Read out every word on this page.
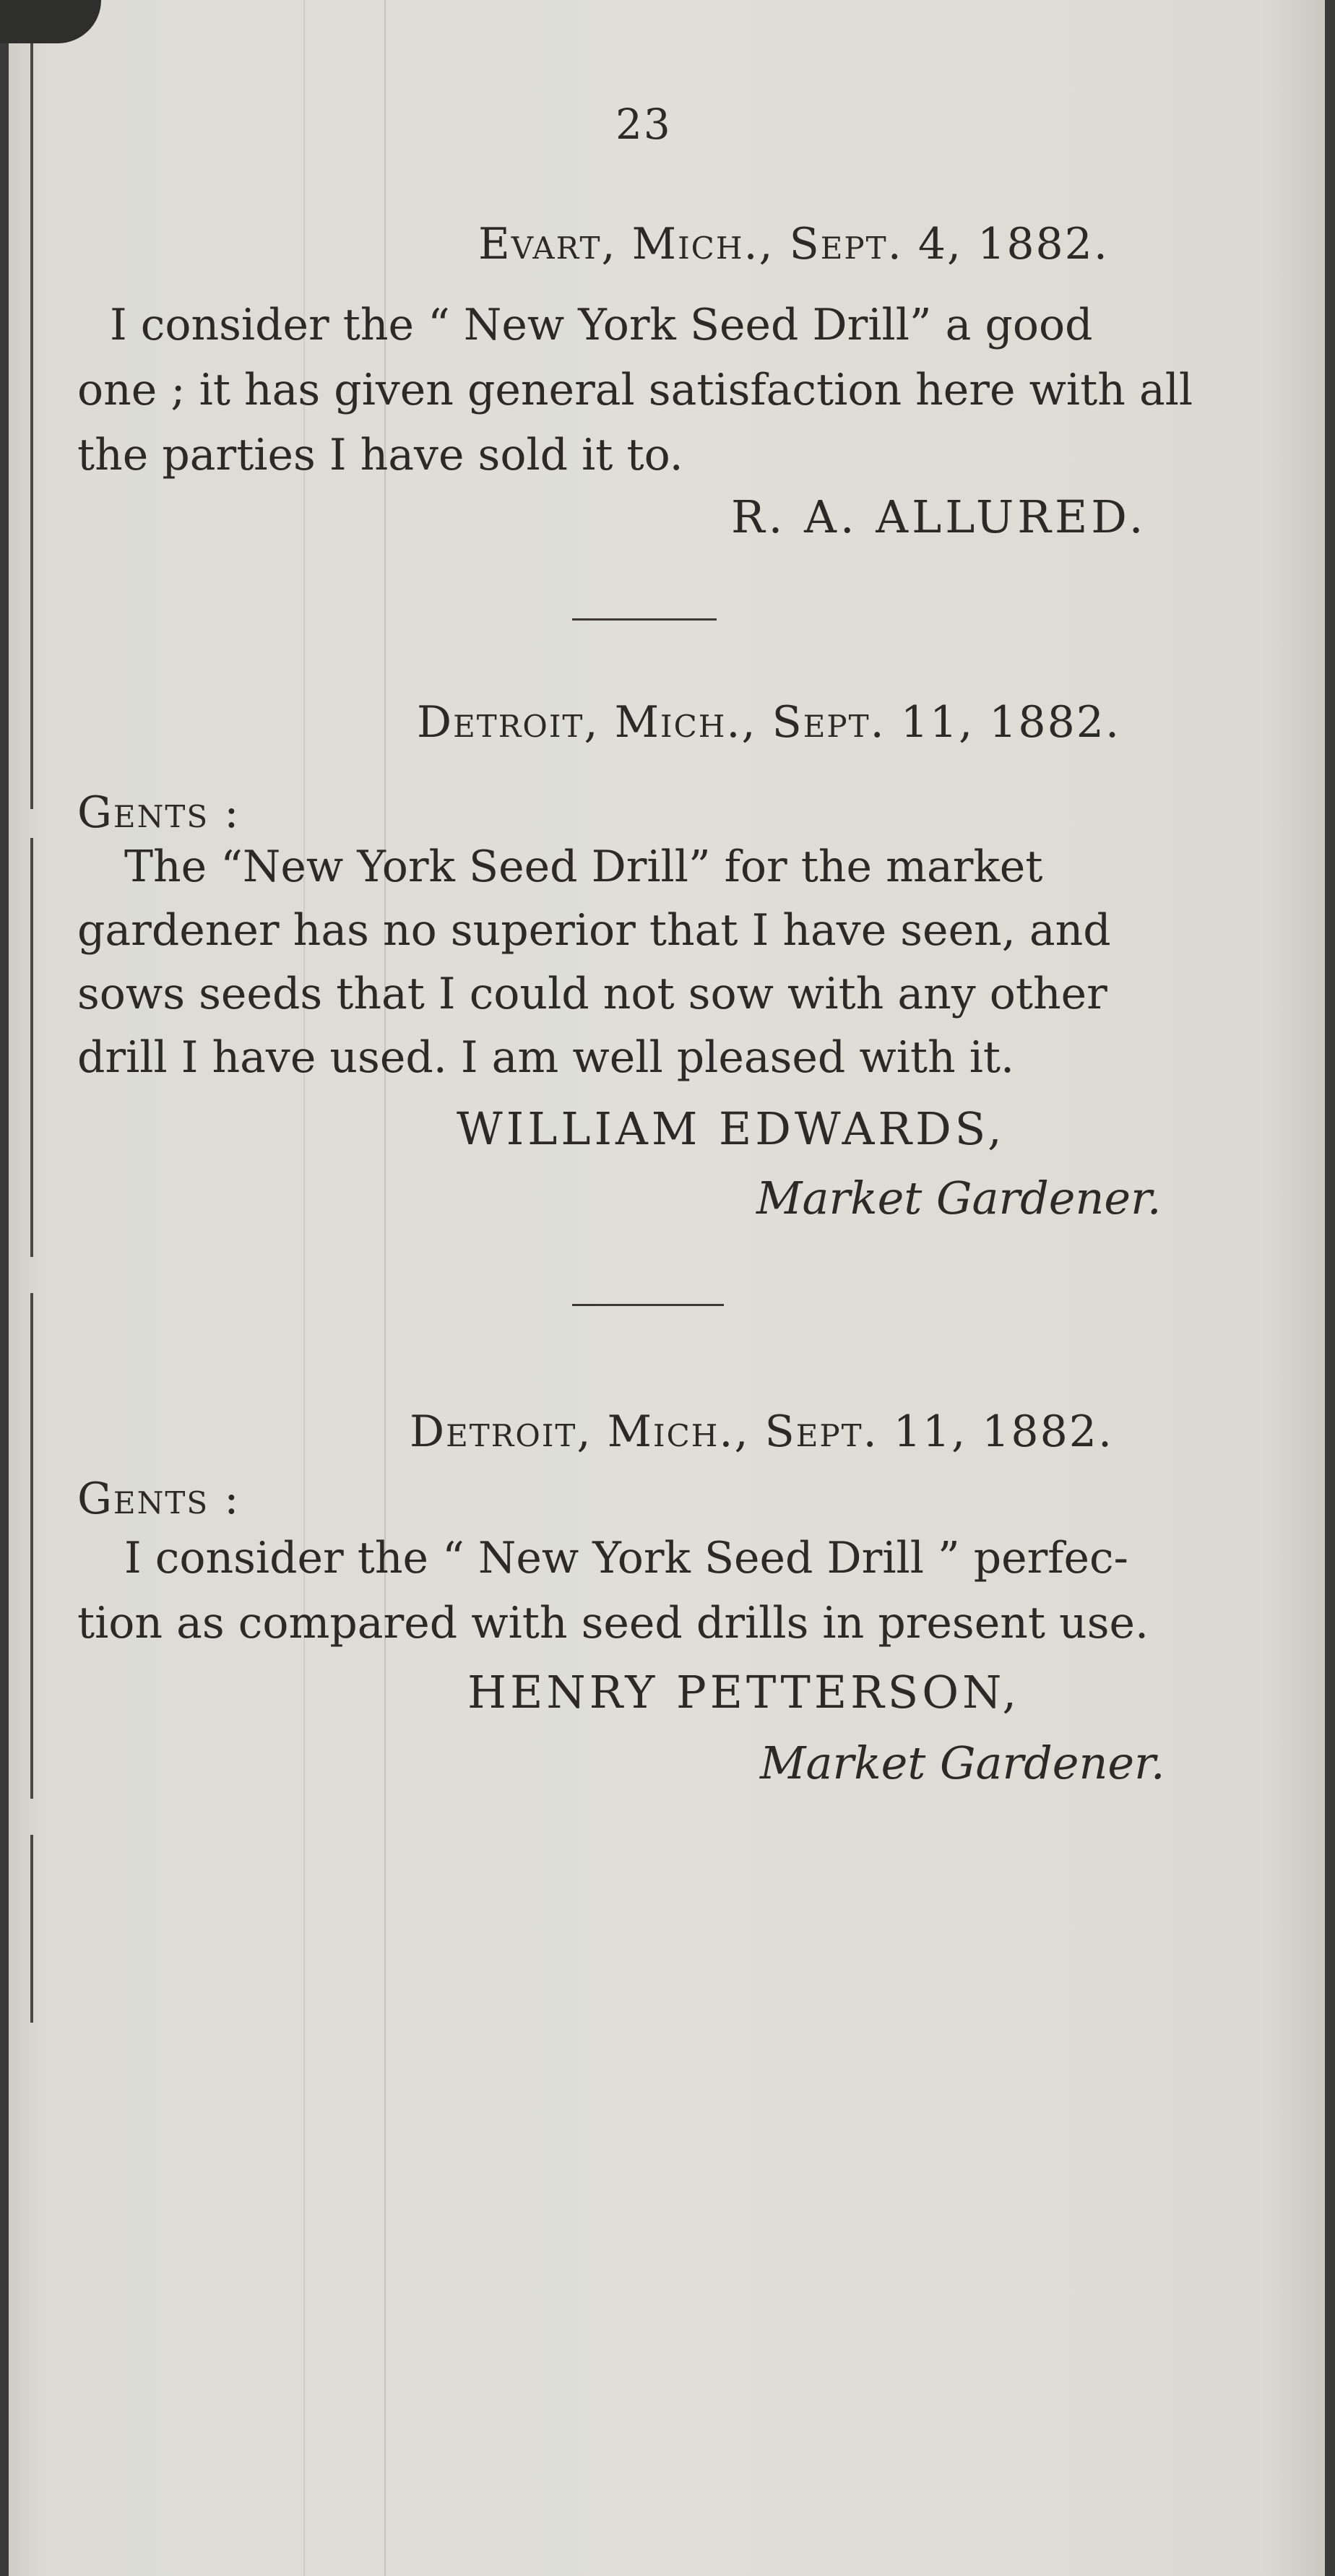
23
Evart, Mich., Sept. 4, 1882.
I consider the “ New York Seed Drill” a good
one ; it has given general satisfaction here with all
the parties I have sold it to.
R. A. ALLURED.
Detroit, Mich., Sept. 11, 1882.
Gents :
The “New York Seed Drill” for the market
gardener has no superior that I have seen, and
sows seeds that I could not sow with any other
drill I have used. I am well pleased with it.
WILLIAM EDWARDS,
Market Gardener.
Detroit, Mich., Sept. 11, 1882.
Gents :
I consider the “ New York Seed Drill ” perfec-
tion as compared with seed drills in present use.
HENRY PETTERSON,
Market Gardener.
